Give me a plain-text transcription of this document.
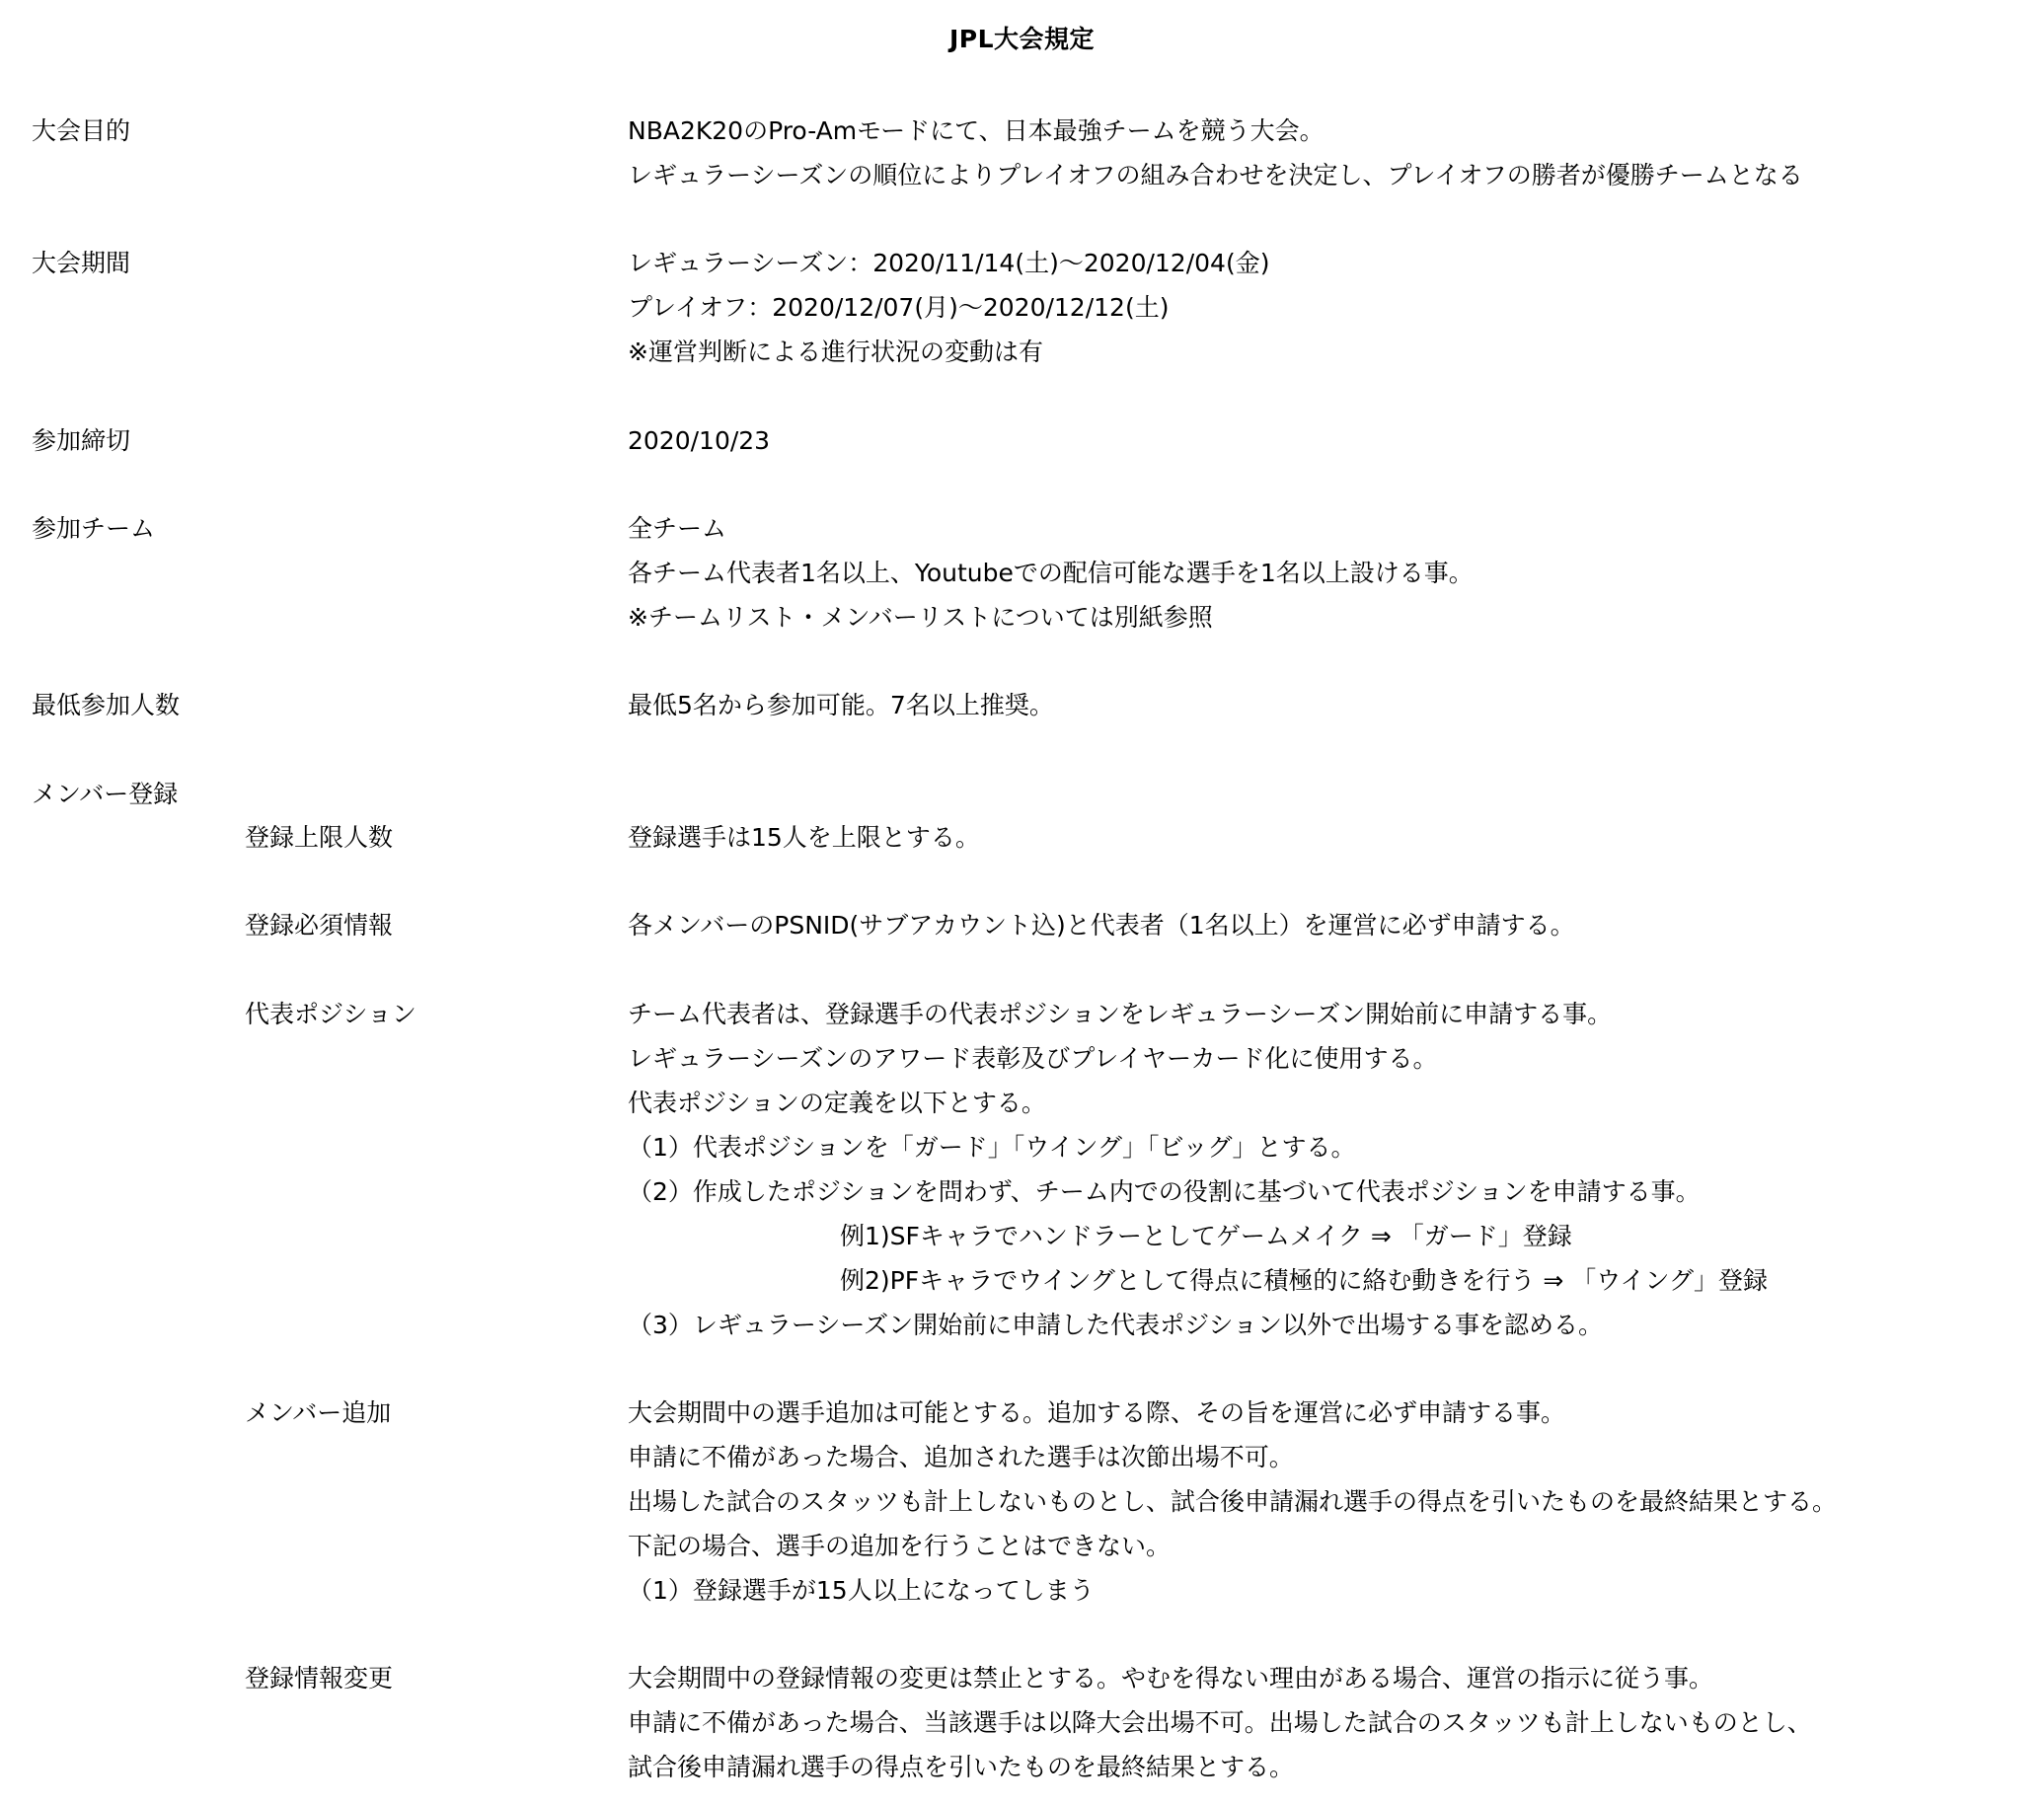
JPL大会規定
大会目的	NBA2K20のPro-Amモードにて、日本最強チームを競う大会。
レギュラーシーズンの順位によりプレイオフの組み合わせを決定し、プレイオフの勝者が優勝チームとなる
大会期間	レギュラーシーズン：2020/11/14(土)～2020/12/04(金)
プレイオフ：2020/12/07(月)～2020/12/12(土)
※運営判断による進行状況の変動は有
参加締切	2020/10/23
参加チーム	全チーム
各チーム代表者1名以上、Youtubeでの配信可能な選手を1名以上設ける事。
※チームリスト・メンバーリストについては別紙参照
最低参加人数	最低5名から参加可能。7名以上推奨。
メンバー登録
登録上限人数	登録選手は15人を上限とする。
登録必須情報	各メンバーのPSNID(サブアカウント込)と代表者（1名以上）を運営に必ず申請する。
代表ポジション	チーム代表者は、登録選手の代表ポジションをレギュラーシーズン開始前に申請する事。
レギュラーシーズンのアワード表彰及びプレイヤーカード化に使用する。
代表ポジションの定義を以下とする。
（1）代表ポジションを「ガード」「ウイング」「ビッグ」とする。
（2）作成したポジションを問わず、チーム内での役割に基づいて代表ポジションを申請する事。
例1)SFキャラでハンドラーとしてゲームメイク ⇒ 「ガード」登録
例2)PFキャラでウイングとして得点に積極的に絡む動きを行う ⇒ 「ウイング」登録
（3）レギュラーシーズン開始前に申請した代表ポジション以外で出場する事を認める。
メンバー追加	大会期間中の選手追加は可能とする。追加する際、その旨を運営に必ず申請する事。
申請に不備があった場合、追加された選手は次節出場不可。
出場した試合のスタッツも計上しないものとし、試合後申請漏れ選手の得点を引いたものを最終結果とする。
下記の場合、選手の追加を行うことはできない。
（1）登録選手が15人以上になってしまう
登録情報変更	大会期間中の登録情報の変更は禁止とする。やむを得ない理由がある場合、運営の指示に従う事。
申請に不備があった場合、当該選手は以降大会出場不可。出場した試合のスタッツも計上しないものとし、
試合後申請漏れ選手の得点を引いたものを最終結果とする。
